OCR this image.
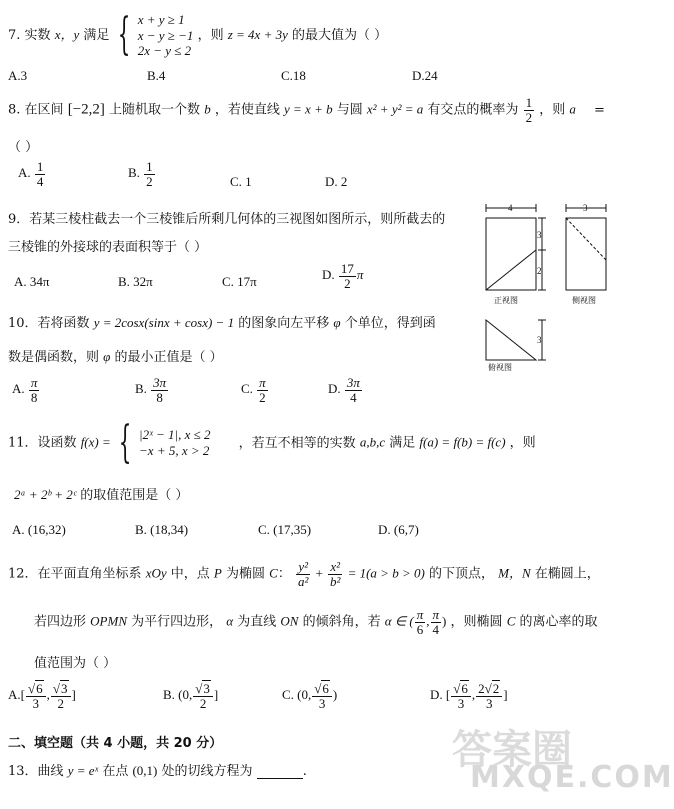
答案圈
MXQE.COM
7. 实数 x，y 满足 { x + y ≥ 1
x − y ≥ −1
2x − y ≤ 2
，则 z = 4x + 3y 的最大值为（ ）
A.3	B.4	C.18	D.24
8. 在区间 [−2,2] 上随机取一个数 b ，若使直线 y = x + b 与圆 x² + y² = a 有交点的概率为 $\frac{1}{2}$ ，则 a =
（ ）
A. $\frac{1}{4}$	B. $\frac{1}{2}$	C. 1	D. 2
9．若某三棱柱截去一个三棱锥后所剩几何体的三视图如图所示，则所截去的
三棱锥的外接球的表面积等于（ ）
A. 34π	B. 32π	C. 17π	D. $\frac{17}{2}$ π
4	3
3
2
3
正视图	侧视图
俯视图
10．若将函数 y = 2cosx(sinx + cosx) − 1 的图象向左平移 φ 个单位，得到函
数是偶函数，则 φ 的最小正值是（ ）
A. $\frac{\pi}{8}$	B. $\frac{3\pi}{8}$	C. $\frac{\pi}{2}$	D. $\frac{3\pi}{4}$
11．设函数 f(x) = { |2ˣ − 1|, x ≤ 2
−x + 5, x > 2 ，若互不相等的实数 a,b,c 满足 f(a) = f(b) = f(c) ，则
2ᵃ + 2ᵇ + 2ᶜ 的取值范围是（ ）
A. (16,32)	B. (18,34)	C. (17,35)	D. (6,7)
12．在平面直角坐标系 xOy 中，点 P 为椭圆 C： $\frac{\text{y²}}{\text{a²}} + \frac{\text{x²}}{\text{b²}} = 1(a > b > 0)$ 的下顶点， M，N 在椭圆上，
若四边形 OPMN 为平行四边形， α 为直线 ON 的倾斜角，若 α ∈ ( $\frac{\pi}{6}$ , $\frac{\pi}{4}$ ) ，则椭圆 C 的离心率的取
值范围为（ ）
$A.[ \frac{√6}{3}$ , $\frac{√3}{2}$ ]	B. (0, $\frac{√3}{2}$ ]	C. (0, $\frac{√6}{3}$ )	D. [ $\frac{√6}{3}$ , $\frac{2√2}{3}$ ]
二、填空题（共 4 小题，共 20 分）
13．曲线 y = eˣ 在点 (0,1) 处的切线方程为	.
